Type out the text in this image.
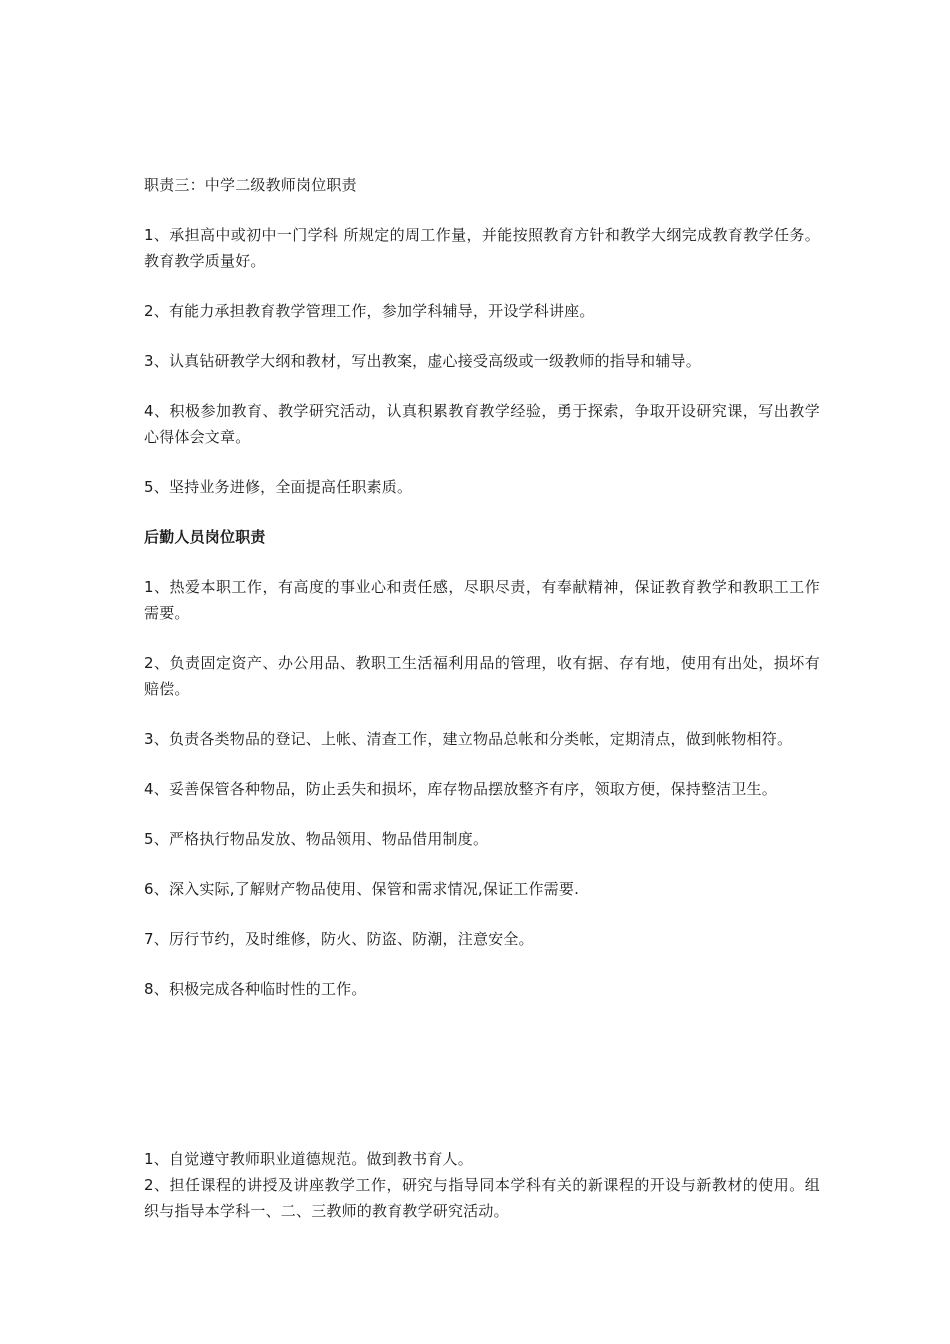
职责三：中学二级教师岗位职责

1、承担高中或初中一门学科 所规定的周工作量，并能按照教育方针和教学大纲完成教育教学任务。教育教学质量好。

2、有能力承担教育教学管理工作，参加学科辅导，开设学科讲座。

3、认真钻研教学大纲和教材，写出教案，虚心接受高级或一级教师的指导和辅导。

4、积极参加教育、教学研究活动，认真积累教育教学经验，勇于探索，争取开设研究课，写出教学心得体会文章。

5、坚持业务进修，全面提高任职素质。

后勤人员岗位职责

1、热爱本职工作，有高度的事业心和责任感，尽职尽责，有奉献精神，保证教育教学和教职工工作需要。

2、负责固定资产、办公用品、教职工生活福利用品的管理，收有据、存有地，使用有出处，损坏有赔偿。

3、负责各类物品的登记、上帐、清查工作，建立物品总帐和分类帐，定期清点，做到帐物相符。

4、妥善保管各种物品，防止丢失和损坏，库存物品摆放整齐有序，领取方便，保持整洁卫生。

5、严格执行物品发放、物品领用、物品借用制度。

6、深入实际,了解财产物品使用、保管和需求情况,保证工作需要.

7、厉行节约，及时维修，防火、防盗、防潮，注意安全。

8、积极完成各种临时性的工作。

1、自觉遵守教师职业道德规范。做到教书育人。

2、担任课程的讲授及讲座教学工作，研究与指导同本学科有关的新课程的开设与新教材的使用。组织与指导本学科一、二、三教师的教育教学研究活动。
